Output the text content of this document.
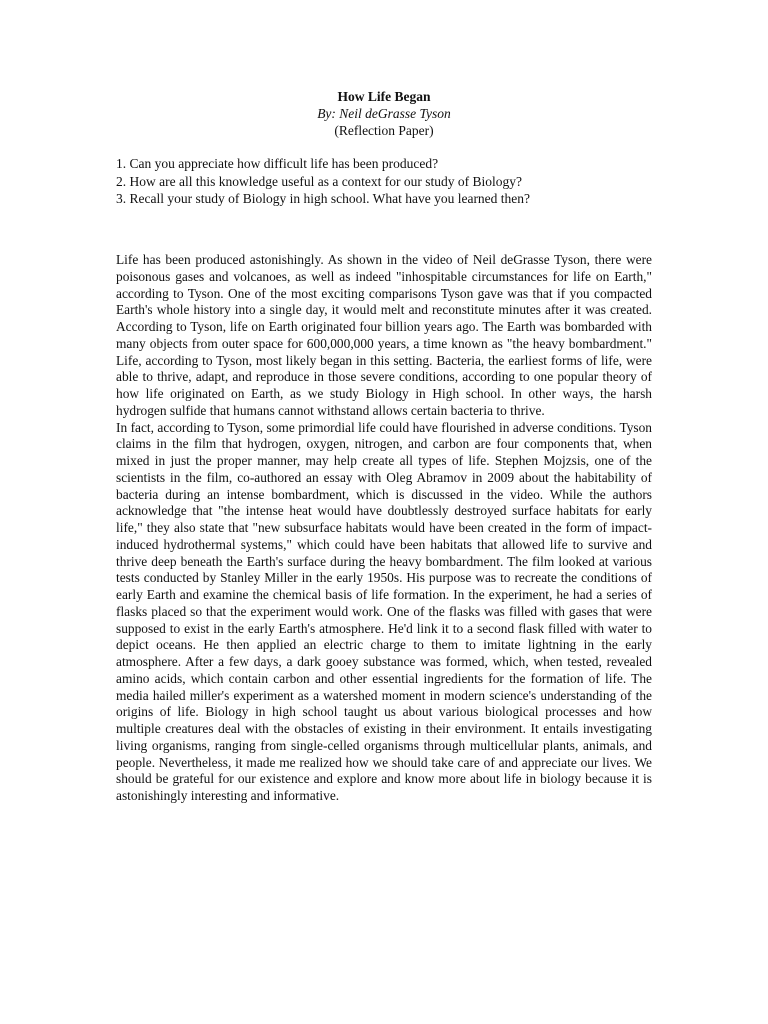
How Life Began
By: Neil deGrasse Tyson
(Reflection Paper)
1. Can you appreciate how difficult life has been produced?
2. How are all this knowledge useful as a context for our study of Biology?
3. Recall your study of Biology in high school. What have you learned then?

Life has been produced astonishingly. As shown in the video of Neil deGrasse Tyson, there were poisonous gases and volcanoes, as well as indeed "inhospitable circumstances for life on Earth," according to Tyson. One of the most exciting comparisons Tyson gave was that if you compacted Earth's whole history into a single day, it would melt and reconstitute minutes after it was created. According to Tyson, life on Earth originated four billion years ago. The Earth was bombarded with many objects from outer space for 600,000,000 years, a time known as "the heavy bombardment." Life, according to Tyson, most likely began in this setting. Bacteria, the earliest forms of life, were able to thrive, adapt, and reproduce in those severe conditions, according to one popular theory of how life originated on Earth, as we study Biology in High school. In other ways, the harsh hydrogen sulfide that humans cannot withstand allows certain bacteria to thrive.

In fact, according to Tyson, some primordial life could have flourished in adverse conditions. Tyson claims in the film that hydrogen, oxygen, nitrogen, and carbon are four components that, when mixed in just the proper manner, may help create all types of life. Stephen Mojzsis, one of the scientists in the film, co-authored an essay with Oleg Abramov in 2009 about the habitability of bacteria during an intense bombardment, which is discussed in the video. While the authors acknowledge that "the intense heat would have doubtlessly destroyed surface habitats for early life," they also state that "new subsurface habitats would have been created in the form of impact-induced hydrothermal systems," which could have been habitats that allowed life to survive and thrive deep beneath the Earth's surface during the heavy bombardment. The film looked at various tests conducted by Stanley Miller in the early 1950s. His purpose was to recreate the conditions of early Earth and examine the chemical basis of life formation. In the experiment, he had a series of flasks placed so that the experiment would work. One of the flasks was filled with gases that were supposed to exist in the early Earth's atmosphere. He'd link it to a second flask filled with water to depict oceans. He then applied an electric charge to them to imitate lightning in the early atmosphere. After a few days, a dark gooey substance was formed, which, when tested, revealed amino acids, which contain carbon and other essential ingredients for the formation of life. The media hailed miller's experiment as a watershed moment in modern science's understanding of the origins of life. Biology in high school taught us about various biological processes and how multiple creatures deal with the obstacles of existing in their environment. It entails investigating living organisms, ranging from single-celled organisms through multicellular plants, animals, and people. Nevertheless, it made me realized how we should take care of and appreciate our lives. We should be grateful for our existence and explore and know more about life in biology because it is astonishingly interesting and informative.
